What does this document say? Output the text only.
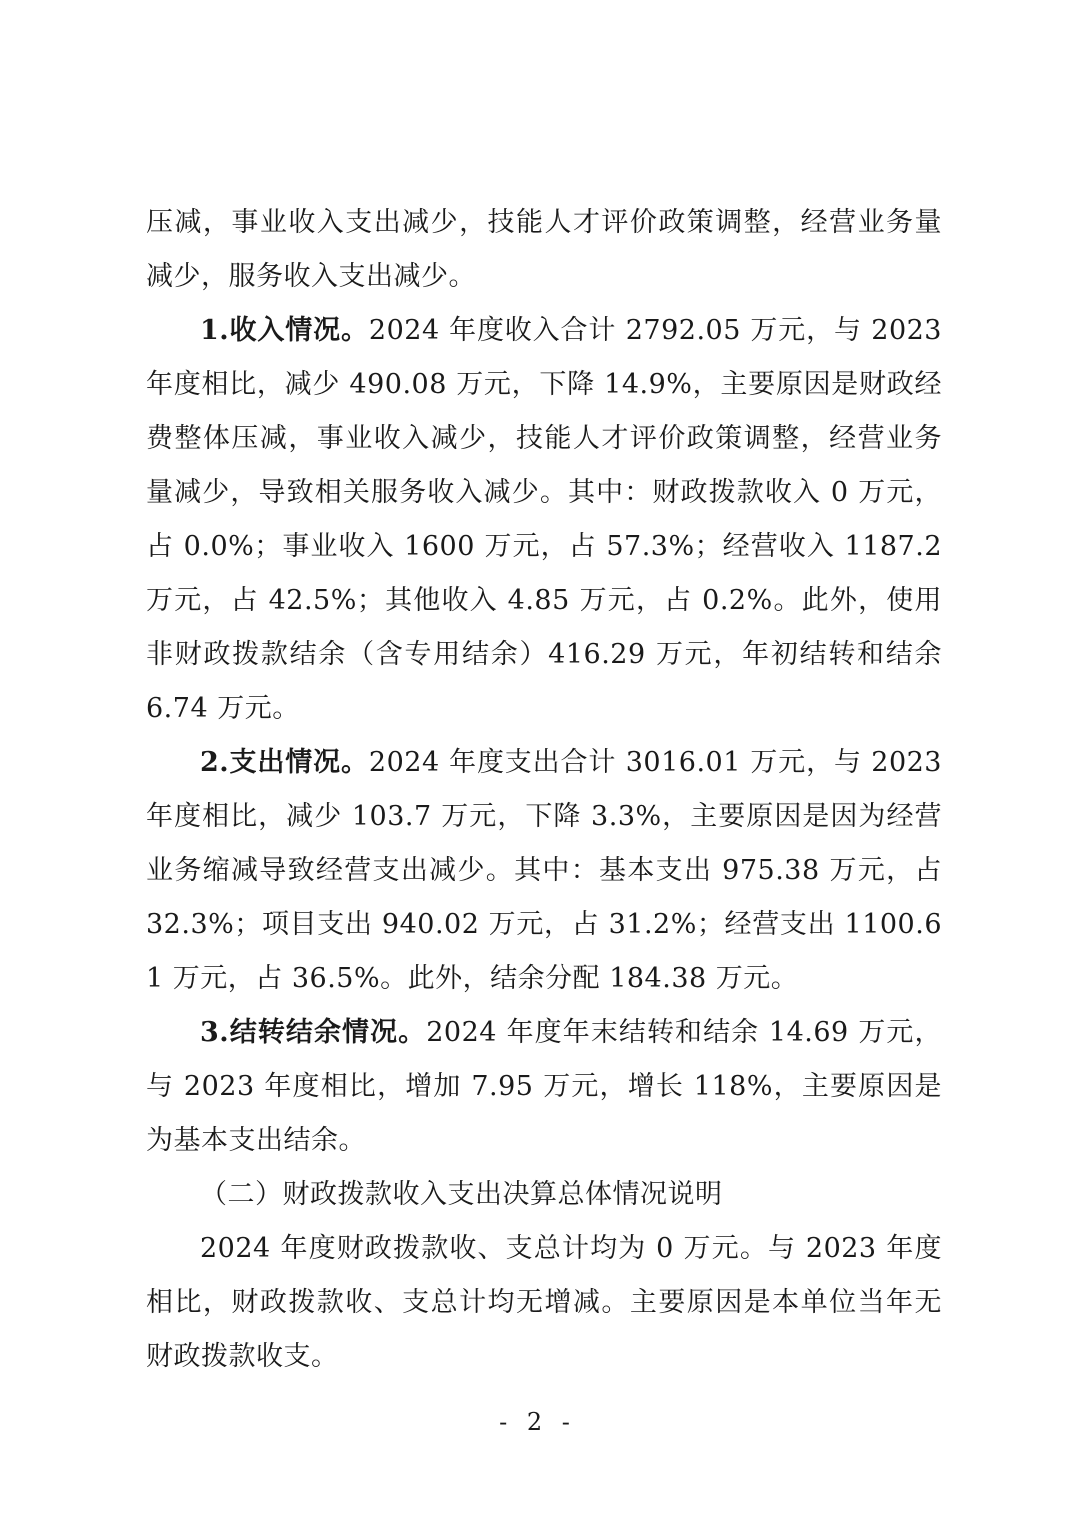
压减，事业收入支出减少，技能人才评价政策调整，经营业务量减少，服务收入支出减少。

1.收入情况。2024 年度收入合计 2792.05 万元，与 2023 年度相比，减少 490.08 万元，下降 14.9%，主要原因是财政经费整体压减，事业收入减少，技能人才评价政策调整，经营业务量减少，导致相关服务收入减少。其中：财政拨款收入 0 万元，占 0.0%；事业收入 1600 万元，占 57.3%；经营收入 1187.2 万元，占 42.5%；其他收入 4.85 万元，占 0.2%。此外，使用非财政拨款结余（含专用结余）416.29 万元，年初结转和结余 6.74 万元。

2.支出情况。2024 年度支出合计 3016.01 万元，与 2023 年度相比，减少 103.7 万元，下降 3.3%，主要原因是因为经营业务缩减导致经营支出减少。其中：基本支出 975.38 万元，占 32.3%；项目支出 940.02 万元，占 31.2%；经营支出 1100.61 万元，占 36.5%。此外，结余分配 184.38 万元。

3.结转结余情况。2024 年度年末结转和结余 14.69 万元，与 2023 年度相比，增加 7.95 万元，增长 118%，主要原因是为基本支出结余。

（二）财政拨款收入支出决算总体情况说明

2024 年度财政拨款收、支总计均为 0 万元。与 2023 年度相比，财政拨款收、支总计均无增减。主要原因是本单位当年无财政拨款收支。

- 2 -
